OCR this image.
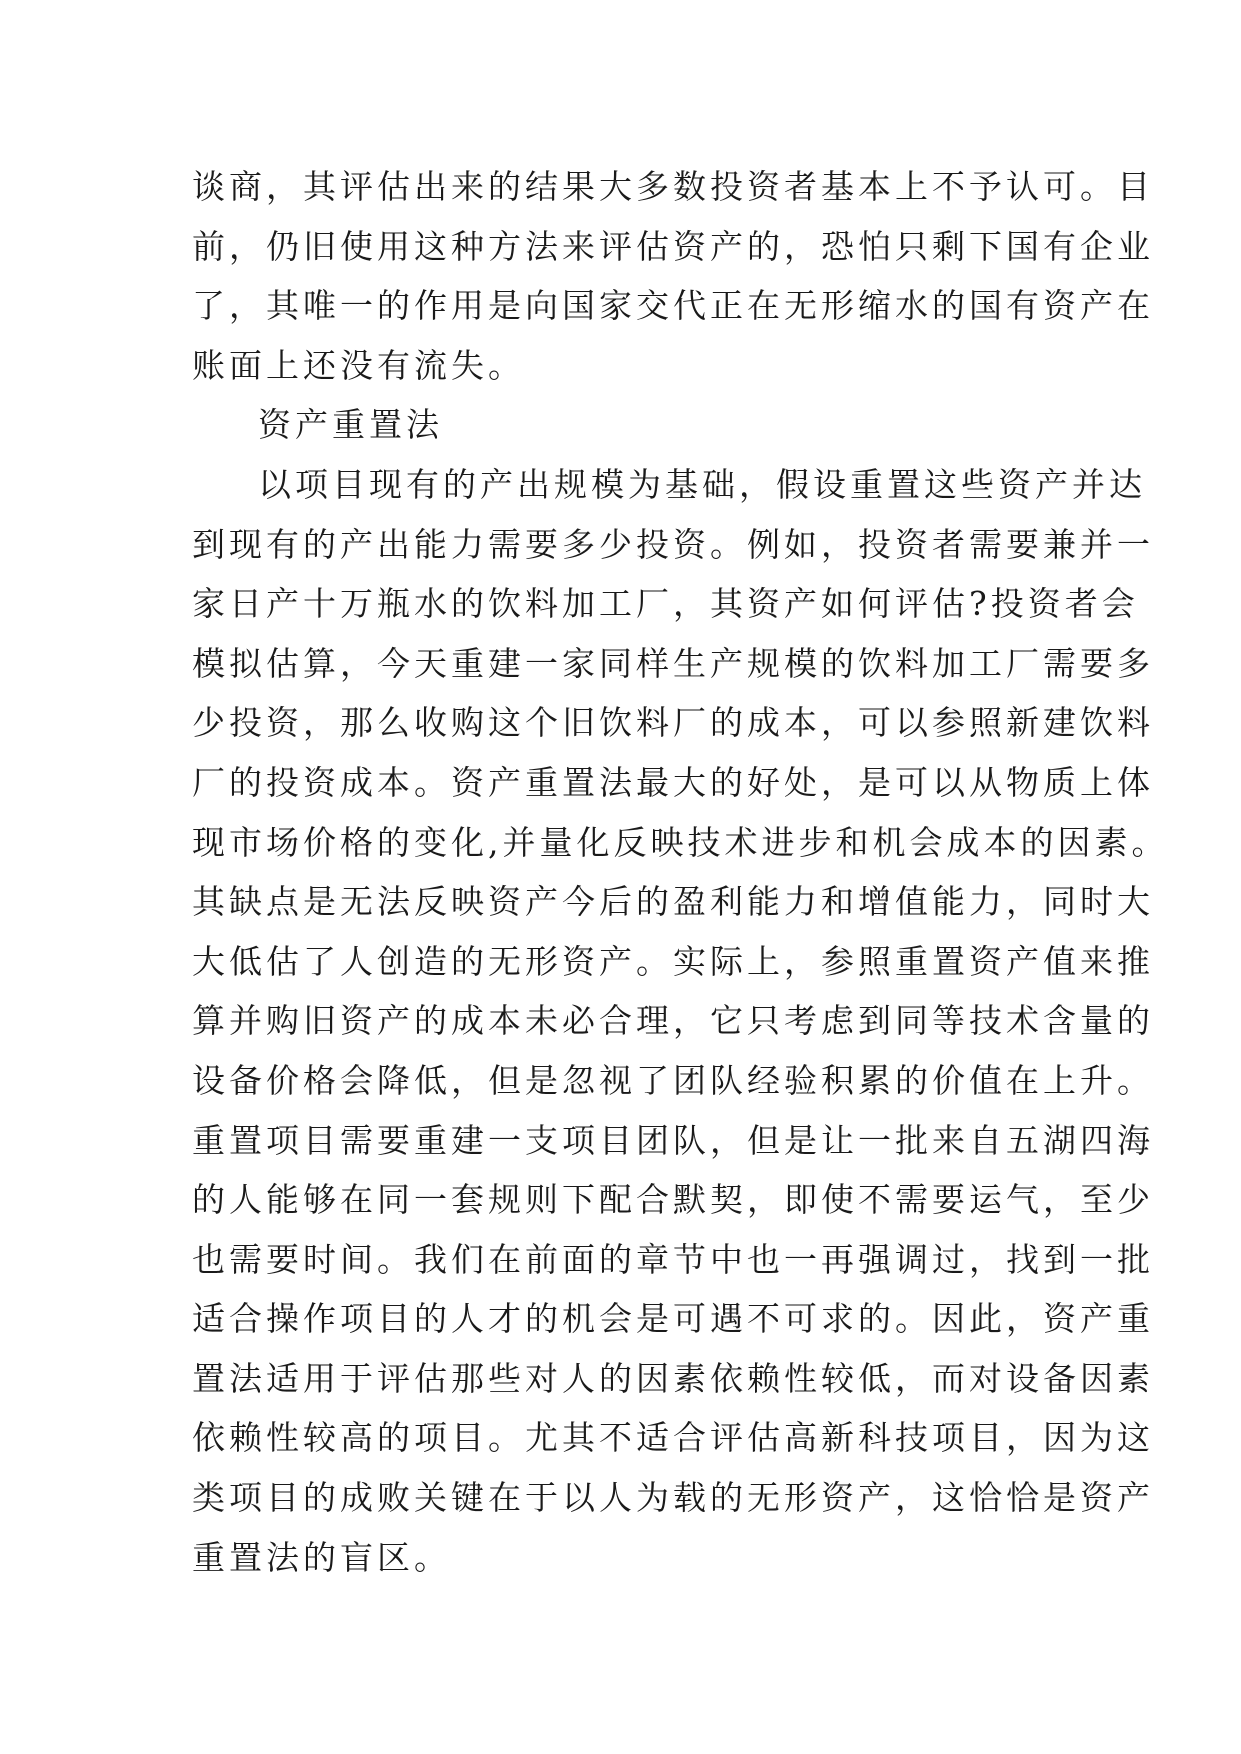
谈商，其评估出来的结果大多数投资者基本上不予认可。目
前，仍旧使用这种方法来评估资产的，恐怕只剩下国有企业
了，其唯一的作用是向国家交代正在无形缩水的国有资产在
账面上还没有流失。
资产重置法
以项目现有的产出规模为基础，假设重置这些资产并达
到现有的产出能力需要多少投资。例如，投资者需要兼并一
家日产十万瓶水的饮料加工厂，其资产如何评估?投资者会
模拟估算，今天重建一家同样生产规模的饮料加工厂需要多
少投资，那么收购这个旧饮料厂的成本，可以参照新建饮料
厂的投资成本。资产重置法最大的好处，是可以从物质上体
现市场价格的变化,并量化反映技术进步和机会成本的因素。
其缺点是无法反映资产今后的盈利能力和增值能力，同时大
大低估了人创造的无形资产。实际上，参照重置资产值来推
算并购旧资产的成本未必合理，它只考虑到同等技术含量的
设备价格会降低，但是忽视了团队经验积累的价值在上升。
重置项目需要重建一支项目团队，但是让一批来自五湖四海
的人能够在同一套规则下配合默契，即使不需要运气，至少
也需要时间。我们在前面的章节中也一再强调过，找到一批
适合操作项目的人才的机会是可遇不可求的。因此，资产重
置法适用于评估那些对人的因素依赖性较低，而对设备因素
依赖性较高的项目。尤其不适合评估高新科技项目，因为这
类项目的成败关键在于以人为载的无形资产，这恰恰是资产
重置法的盲区。
